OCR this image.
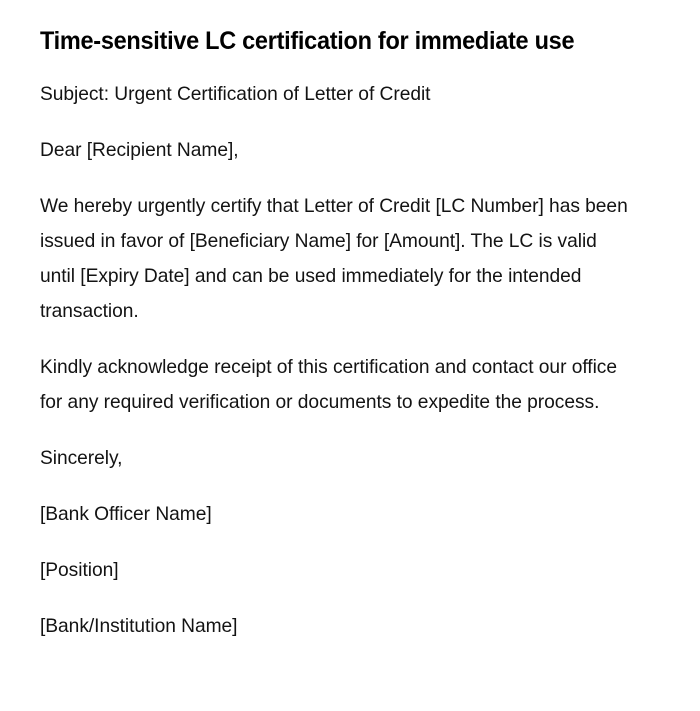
Time-sensitive LC certification for immediate use

Subject: Urgent Certification of Letter of Credit

Dear [Recipient Name],

We hereby urgently certify that Letter of Credit [LC Number] has been issued in favor of [Beneficiary Name] for [Amount]. The LC is valid until [Expiry Date] and can be used immediately for the intended transaction.

Kindly acknowledge receipt of this certification and contact our office for any required verification or documents to expedite the process.

Sincerely,

[Bank Officer Name]

[Position]

[Bank/Institution Name]
